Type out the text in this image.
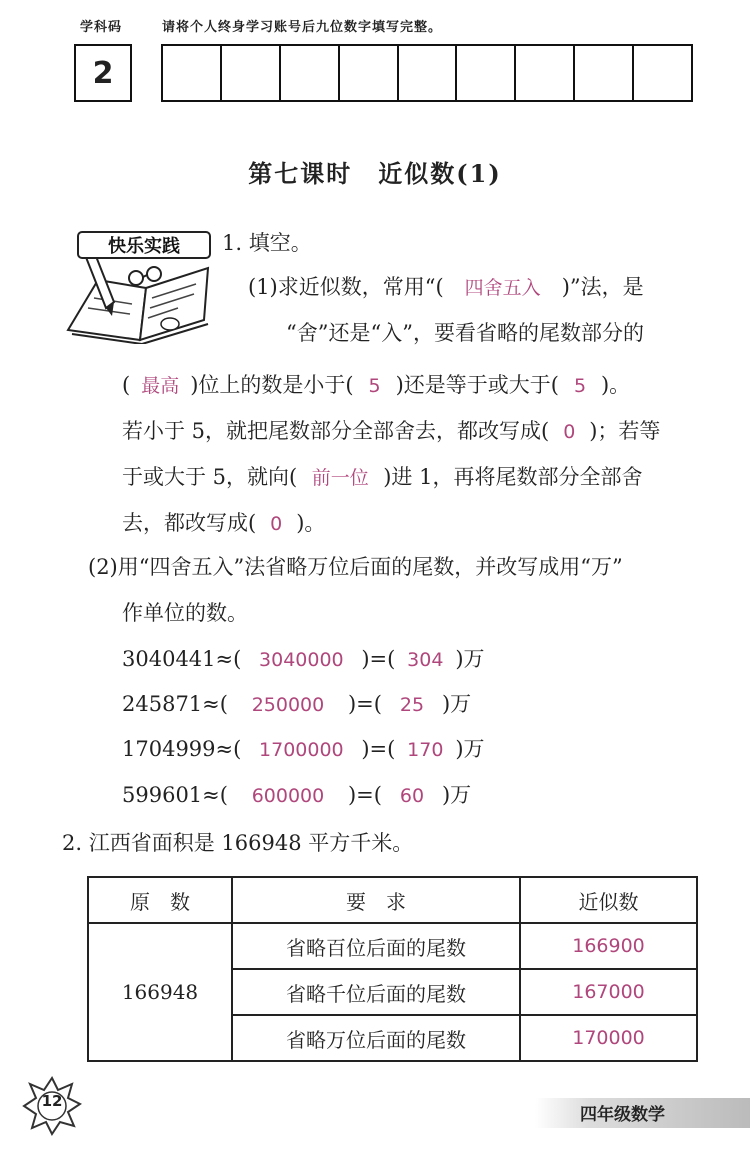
学科码	请将个人终身学习账号后九位数字填写完整。
2
第七课时　近似数(1)
快乐实践 1. 填空。
(1)求近似数，常用“( 四舍五入 )”法，是
“舍”还是“入”，要看省略的尾数部分的
( 最高 )位上的数是小于( 5 )还是等于或大于( 5 )。
若小于 5，就把尾数部分全部舍去，都改写成( 0 )；若等
于或大于 5，就向( 前一位 )进 1，再将尾数部分全部舍
去，都改写成( 0 )。
(2)用“四舍五入”法省略万位后面的尾数，并改写成用“万”
作单位的数。
3040441≈( 3040000 )=( 304 )万
245871≈( 250000 )=( 25 )万
1704999≈( 1700000 )=( 170 )万
599601≈( 600000 )=( 60 )万
2. 江西省面积是 166948 平方千米。
原　数	要　求	近似数
166948	省略百位后面的尾数	166900
	省略千位后面的尾数	167000
	省略万位后面的尾数	170000
12
四年级数学
